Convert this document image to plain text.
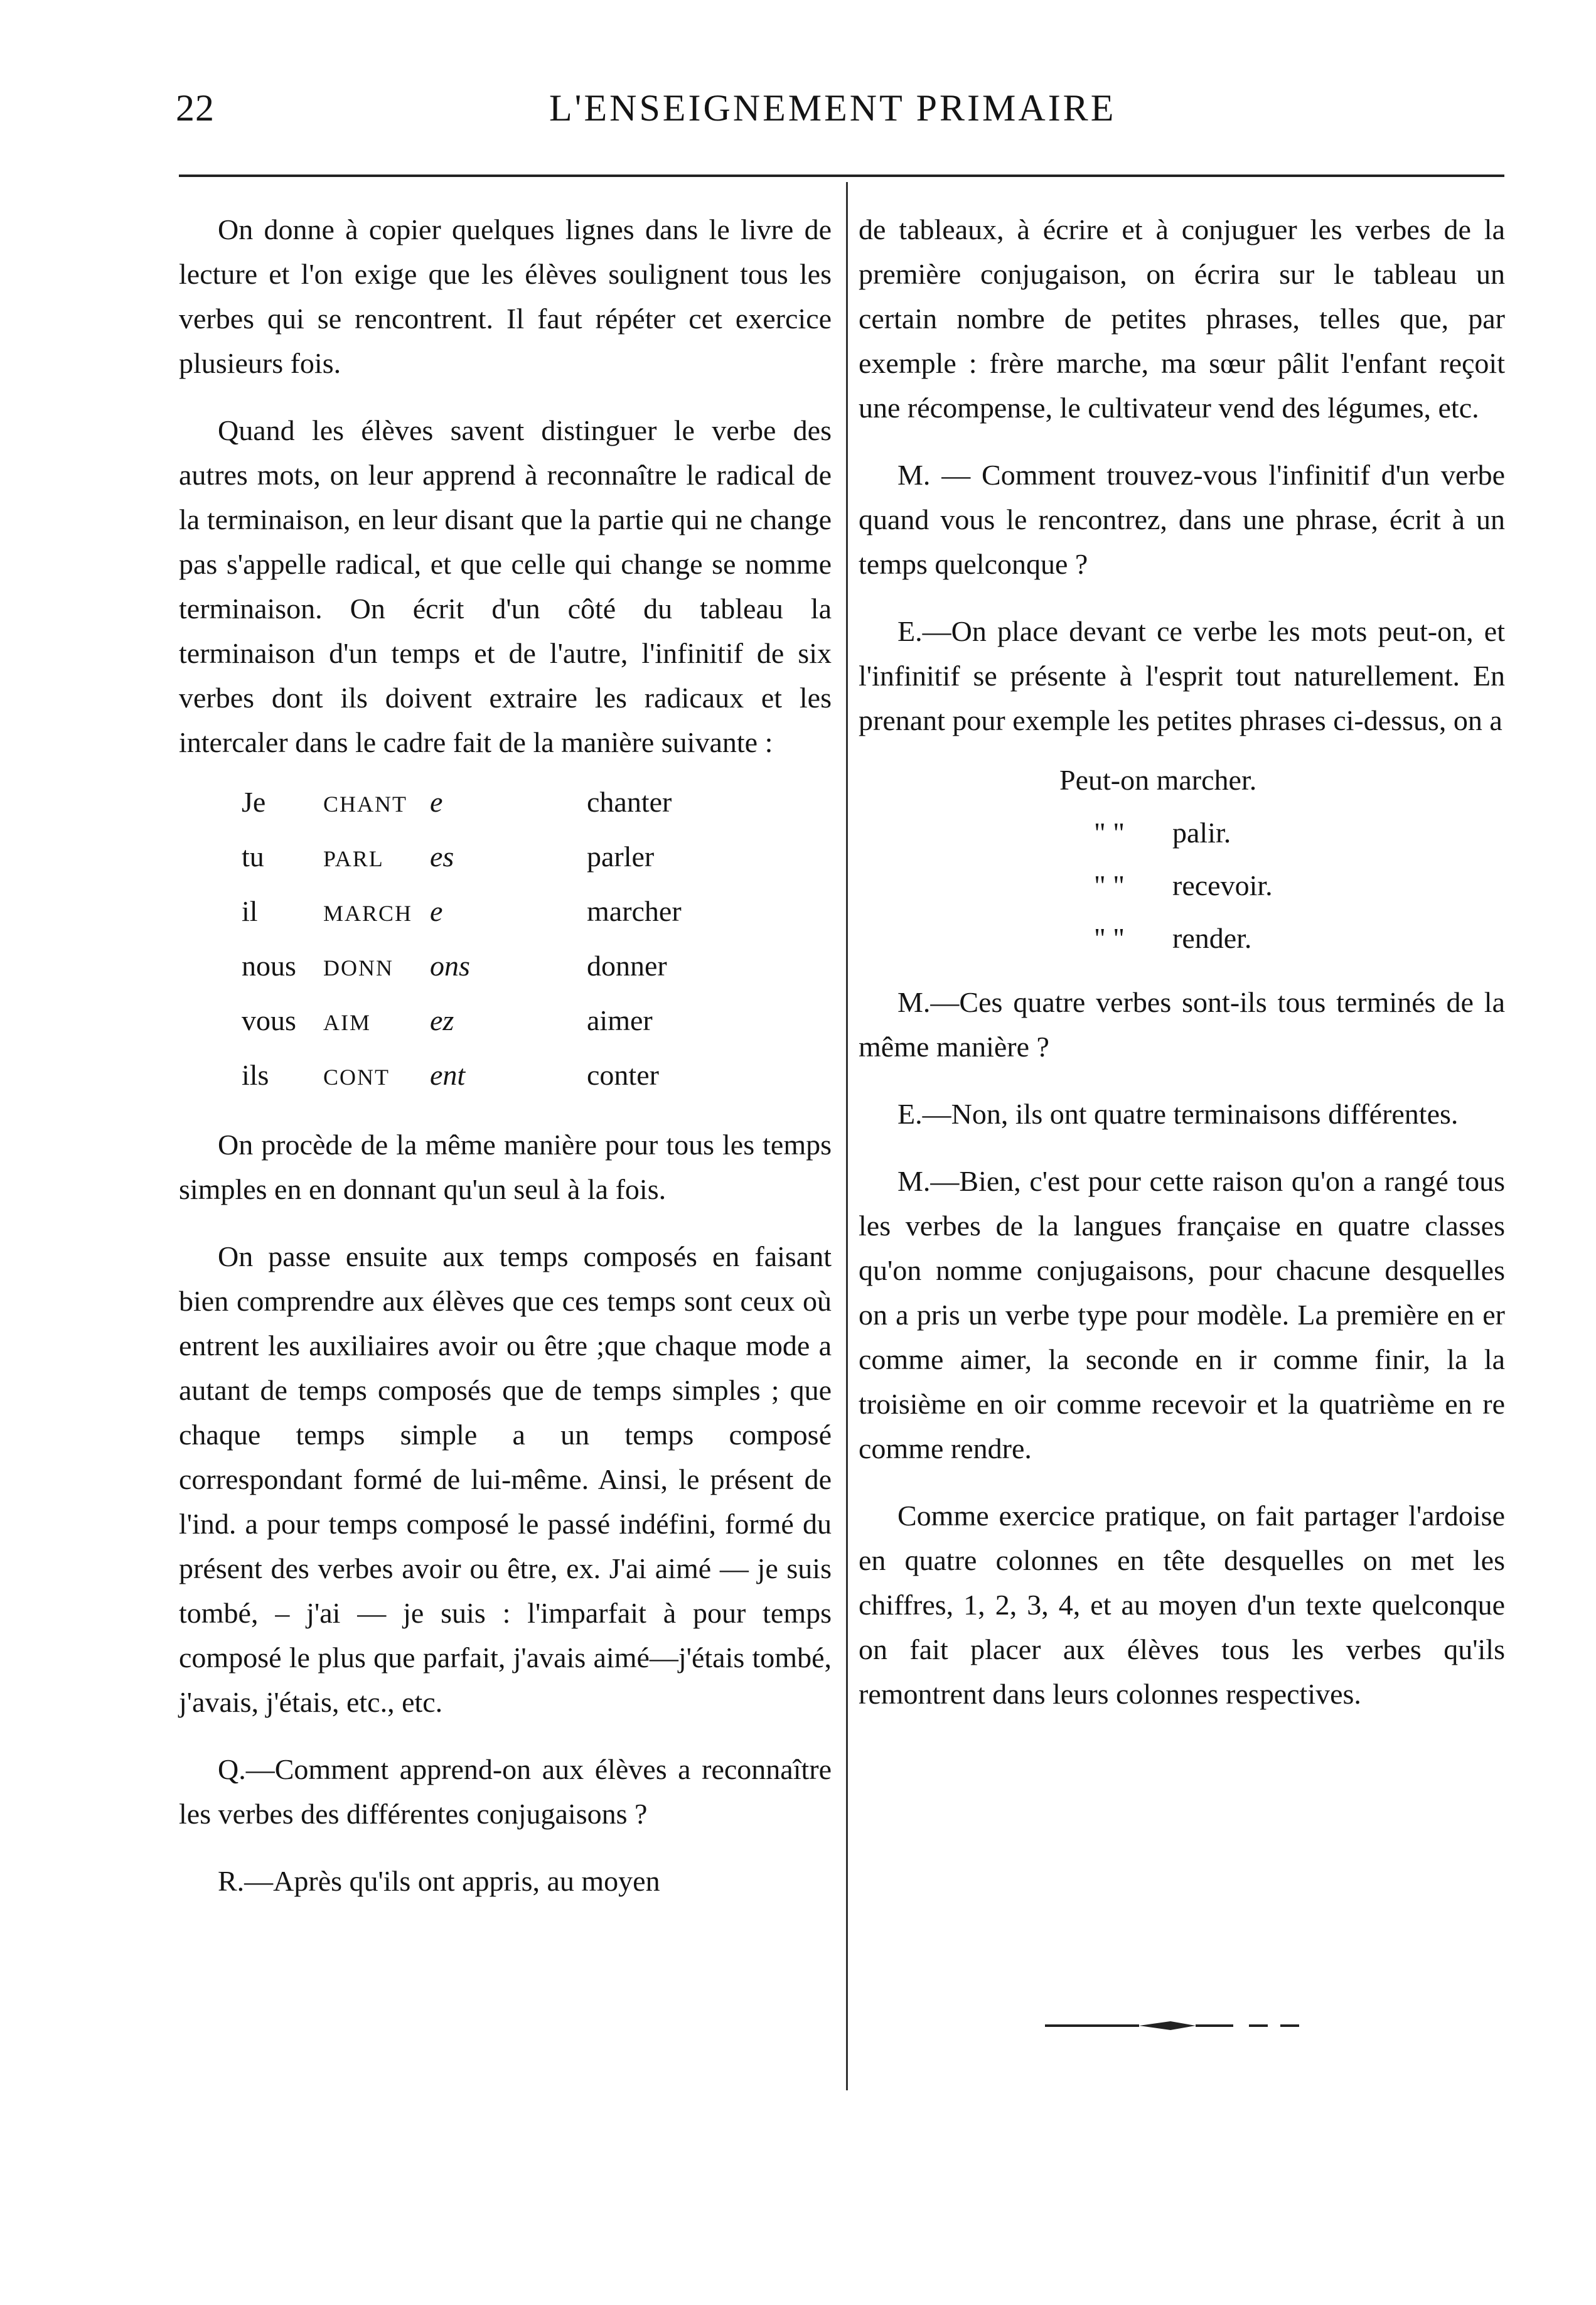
22	L'ENSEIGNEMENT PRIMAIRE

On donne à copier quelques lignes dans le livre de lecture et l'on exige que les élèves soulignent tous les verbes qui se rencontrent. Il faut répéter cet exercice plusieurs fois.

Quand les élèves savent distinguer le verbe des autres mots, on leur apprend à reconnaître le radical de la terminaison, en leur disant que la partie qui ne change pas s'appelle radical, et que celle qui change se nomme terminaison. On écrit d'un côté du tableau la terminaison d'un temps et de l'autre, l'infinitif de six verbes dont ils doivent extraire les radicaux et les intercaler dans le cadre fait de la manière suivante :

Je	CHANT	e	chanter
tu	PARL	es	parler
il	MARCH	e	marcher
nous	DONN	ons	donner
vous	AIM	ez	aimer
ils	CONT	ent	conter

On procède de la même manière pour tous les temps simples en en donnant qu'un seul à la fois.

On passe ensuite aux temps composés en faisant bien comprendre aux élèves que ces temps sont ceux où entrent les auxiliaires avoir ou être ;que chaque mode a autant de temps composés que de temps simples ; que chaque temps simple a un temps composé correspondant formé de lui-même. Ainsi, le présent de l'ind. a pour temps composé le passé indéfini, formé du présent des verbes avoir ou être, ex. J'ai aimé — je suis tombé, – j'ai — je suis : l'imparfait à pour temps composé le plus que parfait, j'avais aimé—j'étais tombé, j'avais, j'étais, etc., etc.

Q.—Comment apprend-on aux élèves a reconnaître les verbes des différentes conjugaisons ?

R.—Après qu'ils ont appris, au moyen

de tableaux, à écrire et à conjuguer les verbes de la première conjugaison, on écrira sur le tableau un certain nombre de petites phrases, telles que, par exemple : frère marche, ma sœur pâlit l'enfant reçoit une récompense, le cultivateur vend des légumes, etc.

M. — Comment trouvez-vous l'infinitif d'un verbe quand vous le rencontrez, dans une phrase, écrit à un temps quelconque ?

E.—On place devant ce verbe les mots peut-on, et l'infinitif se présente à l'esprit tout naturellement. En prenant pour exemple les petites phrases ci-dessus, on a

Peut-on marcher.
" " palir.
" " recevoir.
" " render.

M.—Ces quatre verbes sont-ils tous terminés de la même manière ?

E.—Non, ils ont quatre terminaisons différentes.

M.—Bien, c'est pour cette raison qu'on a rangé tous les verbes de la langues française en quatre classes qu'on nomme conjugaisons, pour chacune desquelles on a pris un verbe type pour modèle. La première en er comme aimer, la seconde en ir comme finir, la la troisième en oir comme recevoir et la quatrième en re comme rendre.

Comme exercice pratique, on fait partager l'ardoise en quatre colonnes en tête desquelles on met les chiffres, 1, 2, 3, 4, et au moyen d'un texte quelconque on fait placer aux élèves tous les verbes qu'ils remontrent dans leurs colonnes respectives.
